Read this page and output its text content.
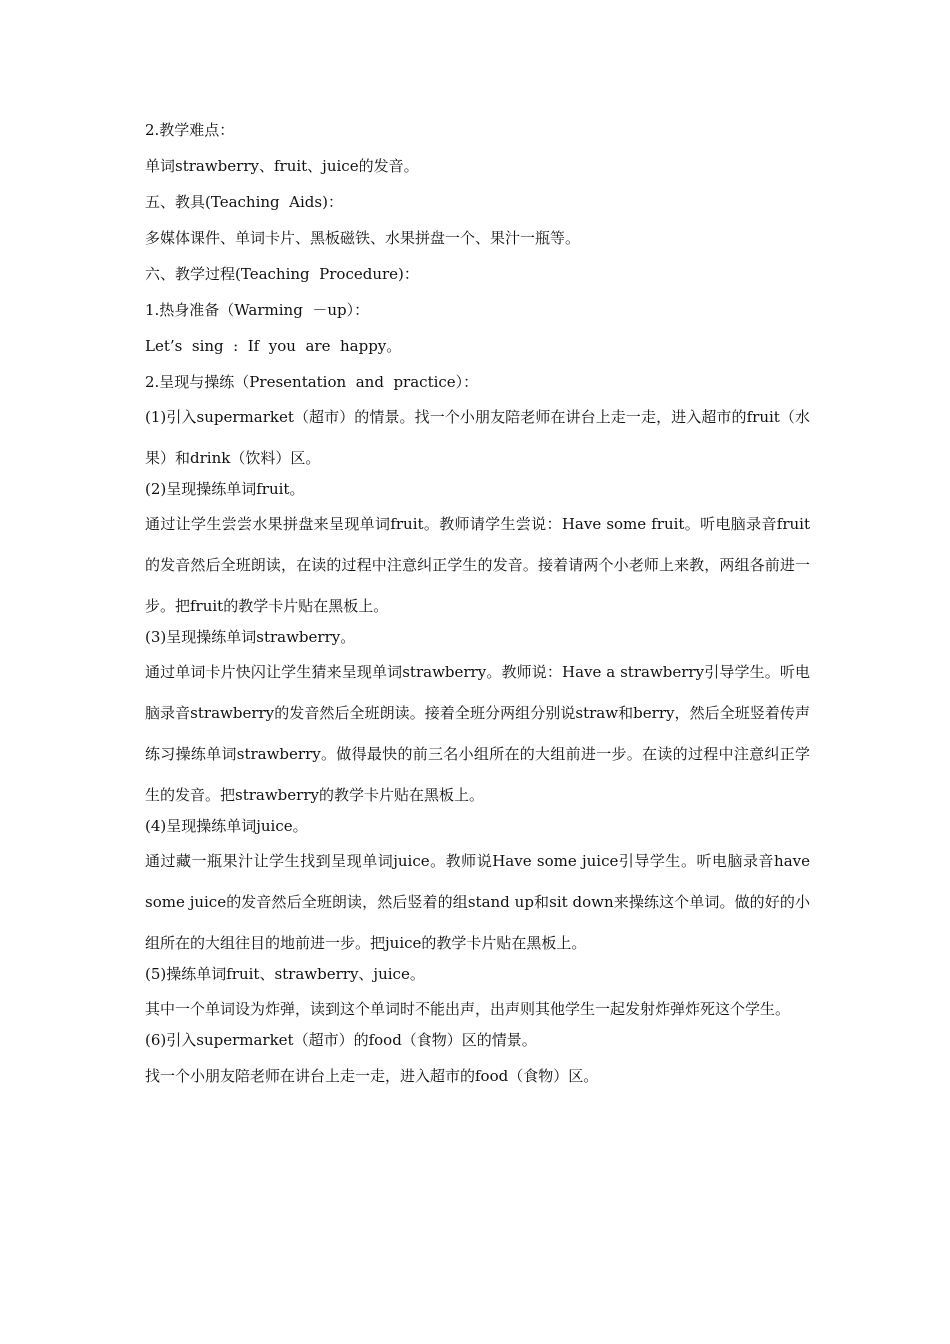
2.教学难点：

单词strawberry、fruit、juice的发音。

五、教具(Teaching  Aids)：

多媒体课件、单词卡片、黑板磁铁、水果拼盘一个、果汁一瓶等。

六、教学过程(Teaching  Procedure)：

1.热身准备（Warming  －up）：

Let’s  sing  :  If  you  are  happy。

2.呈现与操练（Presentation  and  practice）：

(1)引入supermarket（超市）的情景。找一个小朋友陪老师在讲台上走一走，进入超市的fruit（水果）和drink（饮料）区。

(2)呈现操练单词fruit。

通过让学生尝尝水果拼盘来呈现单词fruit。教师请学生尝说：Have some fruit。听电脑录音fruit的发音然后全班朗读，在读的过程中注意纠正学生的发音。接着请两个小老师上来教，两组各前进一步。把fruit的教学卡片贴在黑板上。

(3)呈现操练单词strawberry。

通过单词卡片快闪让学生猜来呈现单词strawberry。教师说：Have a strawberry引导学生。听电脑录音strawberry的发音然后全班朗读。接着全班分两组分别说straw和berry，然后全班竖着传声练习操练单词strawberry。做得最快的前三名小组所在的大组前进一步。在读的过程中注意纠正学生的发音。把strawberry的教学卡片贴在黑板上。

(4)呈现操练单词juice。

通过藏一瓶果汁让学生找到呈现单词juice。教师说Have some juice引导学生。听电脑录音have some juice的发音然后全班朗读，然后竖着的组stand up和sit down来操练这个单词。做的好的小组所在的大组往目的地前进一步。把juice的教学卡片贴在黑板上。

(5)操练单词fruit、strawberry、juice。

其中一个单词设为炸弹，读到这个单词时不能出声，出声则其他学生一起发射炸弹炸死这个学生。

(6)引入supermarket（超市）的food（食物）区的情景。

找一个小朋友陪老师在讲台上走一走，进入超市的food（食物）区。
